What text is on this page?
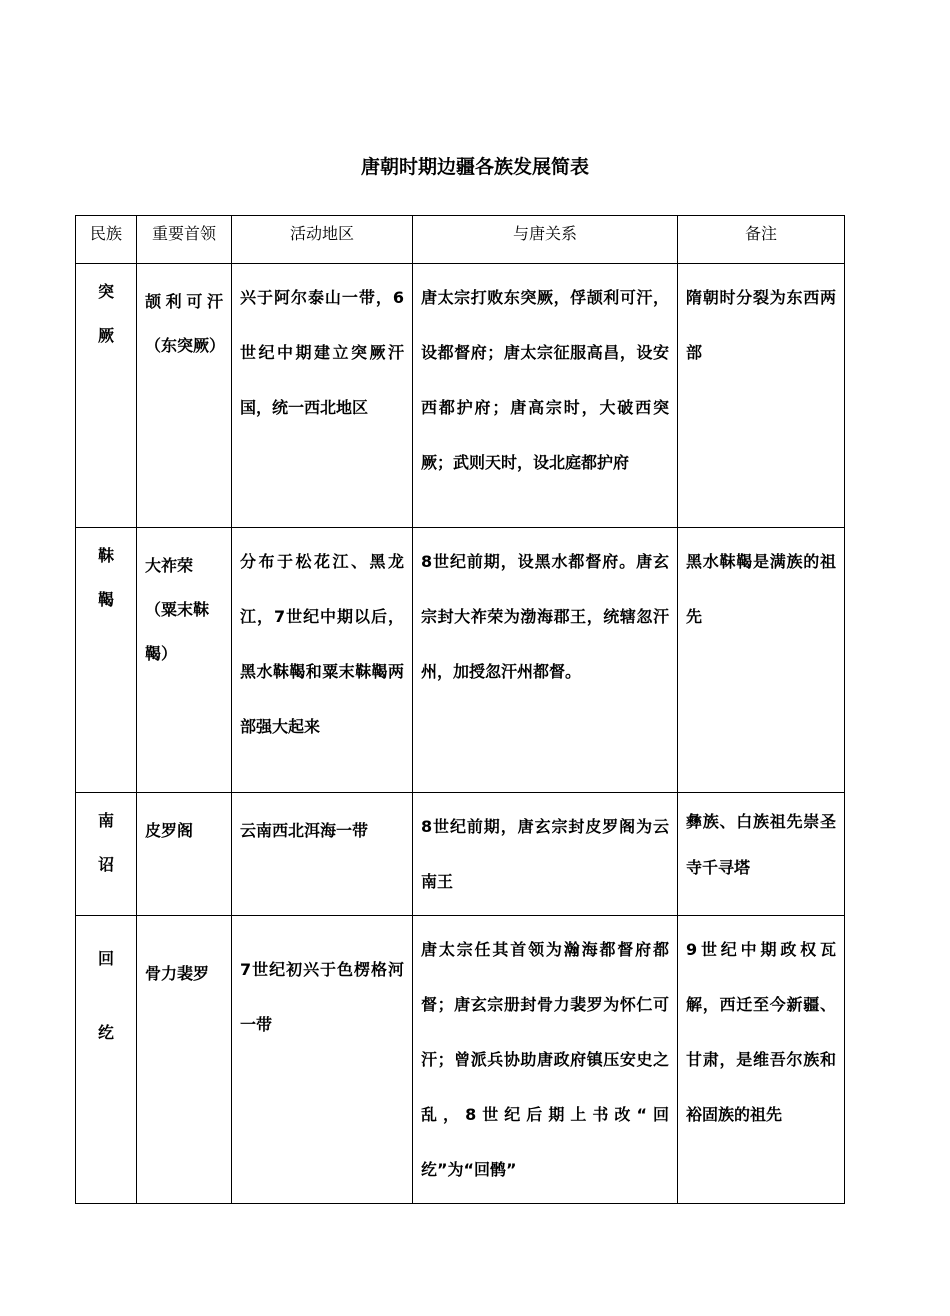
唐朝时期边疆各族发展简表
民族	重要首领	活动地区	与唐关系	备注

突厥	颉利可汗（东突厥）	兴于阿尔泰山一带，6世纪中期建立突厥汗国，统一西北地区	唐太宗打败东突厥，俘颉利可汗，设都督府；唐太宗征服高昌，设安西都护府；唐高宗时，大破西突厥；武则天时，设北庭都护府	隋朝时分裂为东西两部

靺鞨	大祚荣（粟末靺鞨）	分布于松花江、黑龙江，7世纪中期以后，黑水靺鞨和粟末靺鞨两部强大起来	8世纪前期，设黑水都督府。唐玄宗封大祚荣为渤海郡王，统辖忽汗州，加授忽汗州都督。	黑水靺鞨是满族的祖先

南诏	皮罗阁	云南西北洱海一带	8世纪前期，唐玄宗封皮罗阁为云南王	彝族、白族祖先崇圣寺千寻塔

回纥	骨力裴罗	7世纪初兴于色楞格河一带	唐太宗任其首领为瀚海都督府都督；唐玄宗册封骨力裴罗为怀仁可汗；曾派兵协助唐政府镇压安史之乱，8世纪后期上书改“回纥”为“回鹘”	9世纪中期政权瓦解，西迁至今新疆、甘肃，是维吾尔族和裕固族的祖先
